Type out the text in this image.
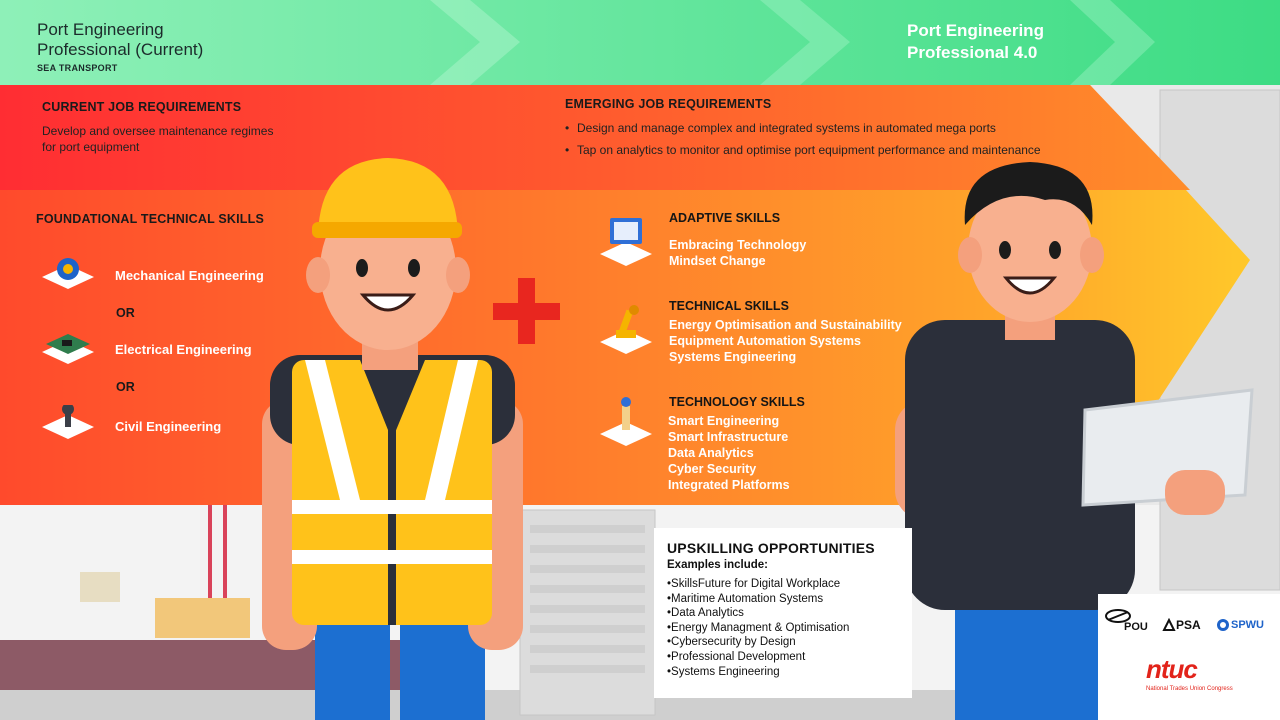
Port Engineering
Professional (Current)
SEA TRANSPORT
Port Engineering
Professional 4.0
CURRENT JOB REQUIREMENTS
Develop and oversee maintenance regimes
for port equipment
EMERGING JOB REQUIREMENTS
• Design and manage complex and integrated systems in automated mega ports
• Tap on analytics to monitor and optimise port equipment performance and maintenance
FOUNDATIONAL TECHNICAL SKILLS
Mechanical Engineering
OR
Electrical Engineering
OR
Civil Engineering
ADAPTIVE SKILLS
Embracing Technology
Mindset Change
TECHNICAL SKILLS
Energy Optimisation and Sustainability
Equipment Automation Systems
Systems Engineering
TECHNOLOGY SKILLS
Smart Engineering
Smart Infrastructure
Data Analytics
Cyber Security
Integrated Platforms
UPSKILLING OPPORTUNITIES
Examples include:
• SkillsFuture for Digital Workplace
• Maritime Automation Systems
• Data Analytics
• Energy Managment & Optimisation
• Cybersecurity by Design
• Professional Development
• Systems Engineering
POU PSA	SPWU
ntuc
National Trades Union Congress
